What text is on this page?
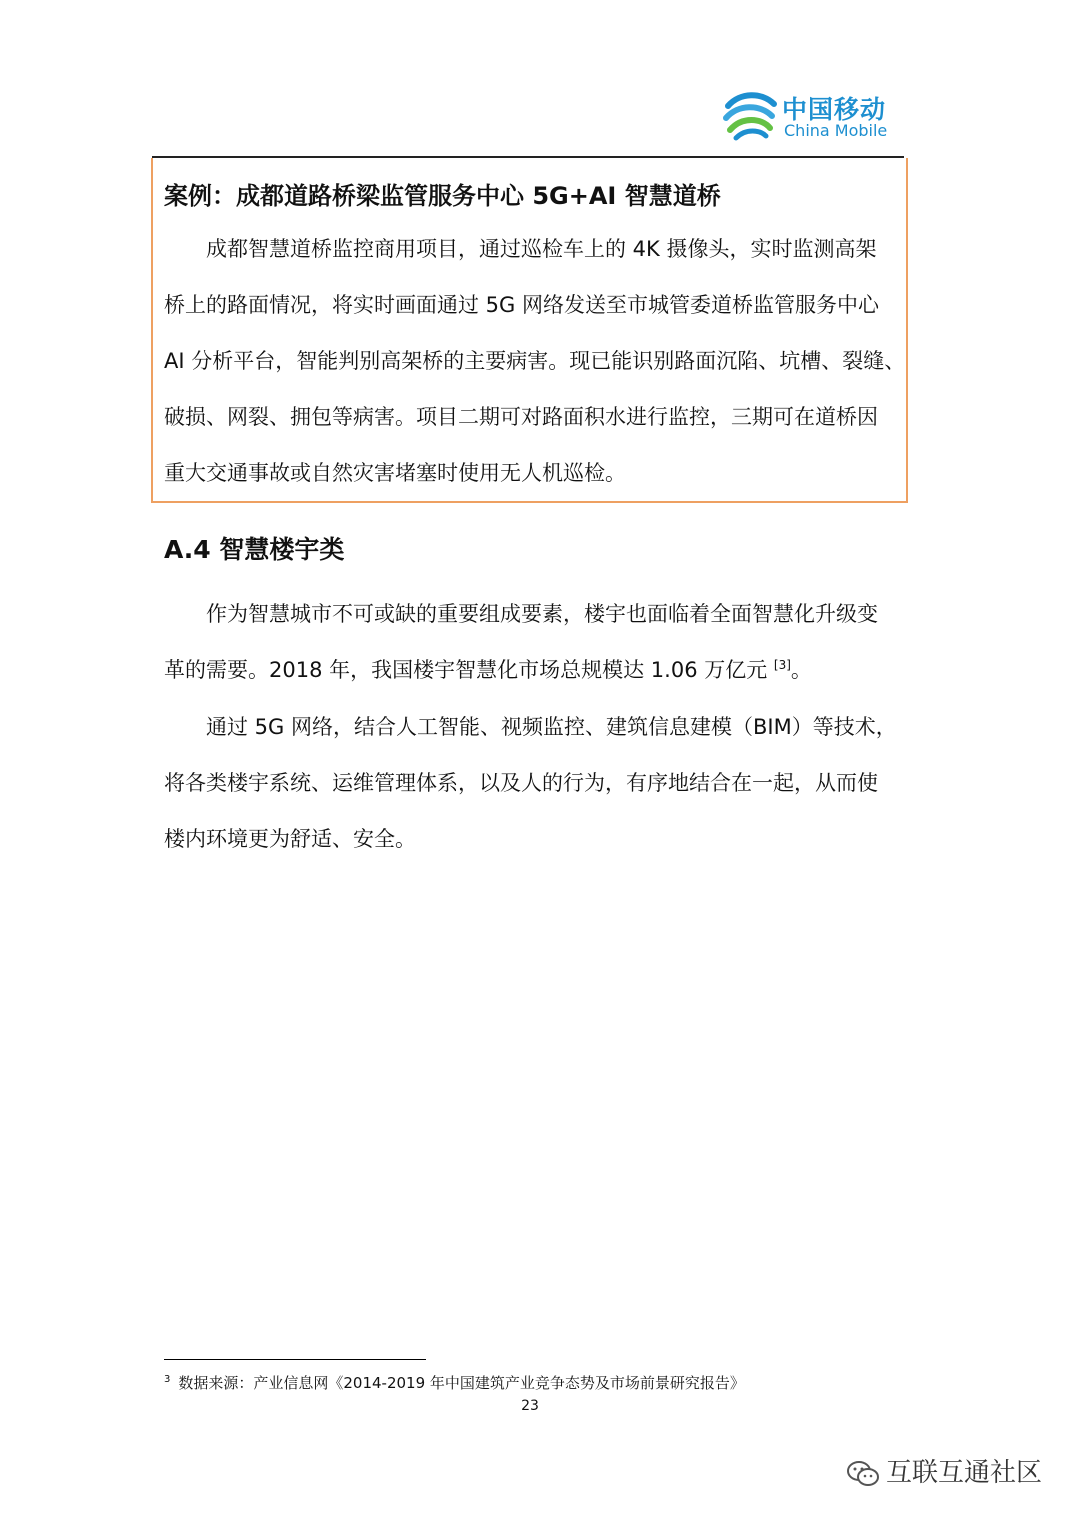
中国移动
China Mobile
案例：成都道路桥梁监管服务中心 5G+AI 智慧道桥
成都智慧道桥监控商用项目，通过巡检车上的 4K 摄像头，实时监测高架
桥上的路面情况，将实时画面通过 5G 网络发送至市城管委道桥监管服务中心
AI 分析平台，智能判别高架桥的主要病害。现已能识别路面沉陷、坑槽、裂缝、
破损、网裂、拥包等病害。项目二期可对路面积水进行监控，三期可在道桥因
重大交通事故或自然灾害堵塞时使用无人机巡检。
A.4 智慧楼宇类
作为智慧城市不可或缺的重要组成要素，楼宇也面临着全面智慧化升级变
革的需要。2018 年，我国楼宇智慧化市场总规模达 1.06 万亿元 [3]。
通过 5G 网络，结合人工智能、视频监控、建筑信息建模（BIM）等技术，
将各类楼宇系统、运维管理体系，以及人的行为，有序地结合在一起，从而使
楼内环境更为舒适、安全。
$^3$ 数据来源：产业信息网《2014-2019 年中国建筑产业竞争态势及市场前景研究报告》
23
互联互通社区
